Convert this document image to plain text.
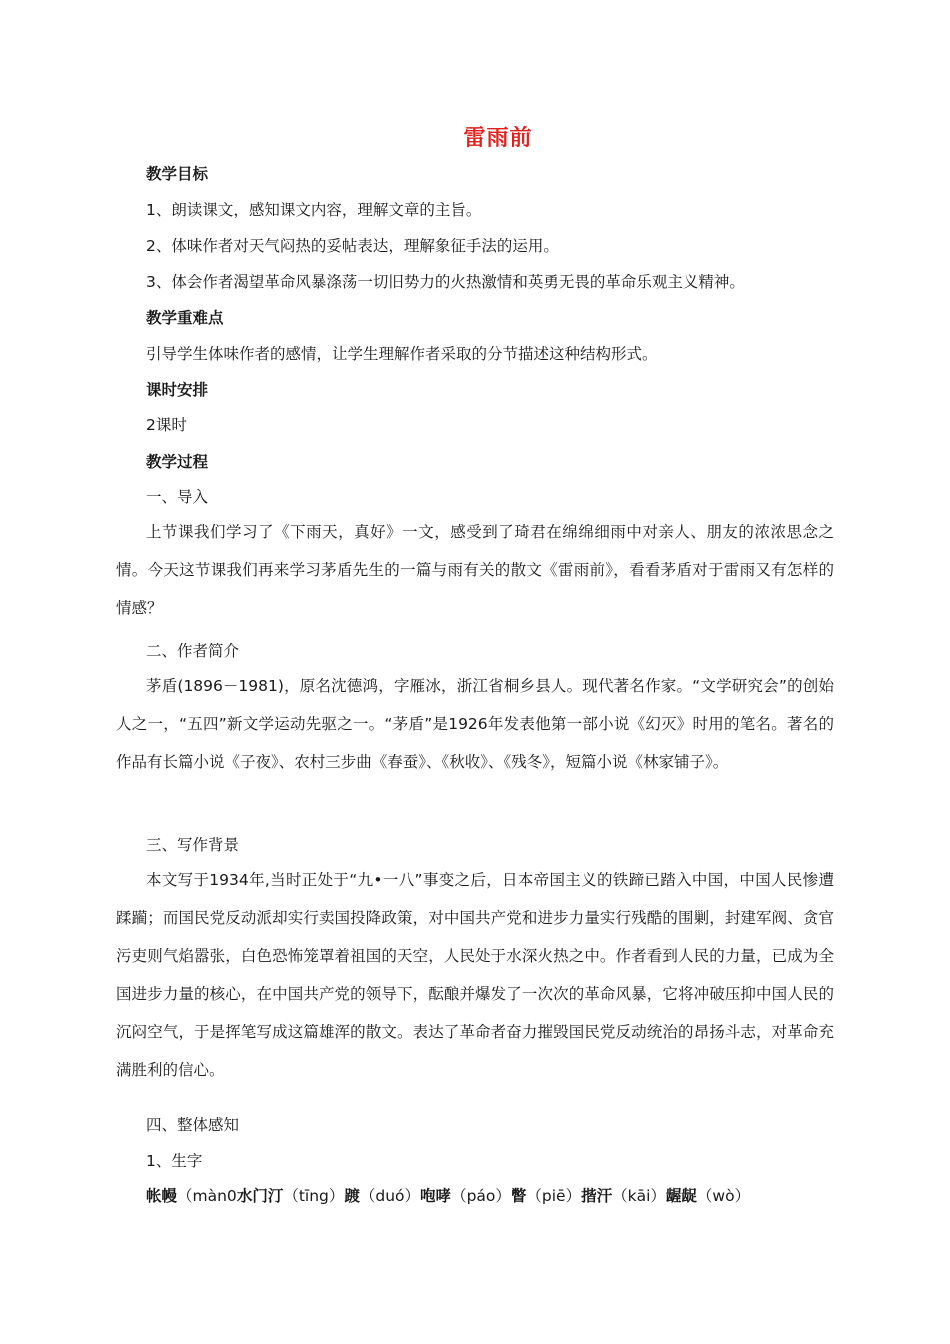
雷雨前
教学目标
1、朗读课文，感知课文内容，理解文章的主旨。
2、体味作者对天气闷热的妥帖表达，理解象征手法的运用。
3、体会作者渴望革命风暴涤荡一切旧势力的火热激情和英勇无畏的革命乐观主义精神。
教学重难点
引导学生体味作者的感情，让学生理解作者采取的分节描述这种结构形式。
课时安排
2课时
教学过程
一、导入
上节课我们学习了《下雨天，真好》一文，感受到了琦君在绵绵细雨中对亲人、朋友的浓浓思念之情。今天这节课我们再来学习茅盾先生的一篇与雨有关的散文《雷雨前》，看看茅盾对于雷雨又有怎样的情感？
二、作者简介
茅盾(1896－1981)，原名沈德鸿，字雁冰，浙江省桐乡县人。现代著名作家。“文学研究会”的创始人之一，“五四”新文学运动先驱之一。“茅盾”是1926年发表他第一部小说《幻灭》时用的笔名。著名的作品有长篇小说《子夜》、农村三步曲《春蚕》、《秋收》、《残冬》，短篇小说《林家铺子》。
三、写作背景
本文写于1934年,当时正处于“九•一八”事变之后，日本帝国主义的铁蹄已踏入中国，中国人民惨遭蹂躏；而国民党反动派却实行卖国投降政策，对中国共产党和进步力量实行残酷的围剿，封建军阀、贪官污吏则气焰嚣张，白色恐怖笼罩着祖国的天空，人民处于水深火热之中。作者看到人民的力量，已成为全国进步力量的核心，在中国共产党的领导下，酝酿并爆发了一次次的革命风暴，它将冲破压抑中国人民的沉闷空气，于是挥笔写成这篇雄浑的散文。表达了革命者奋力摧毁国民党反动统治的昂扬斗志，对革命充满胜利的信心。
四、整体感知
1、生字
帐幔（màn0水门汀（tīng）踱（duó）咆哮（páo）瞥（piē）揩汗（kāi）龌龊（wò）
